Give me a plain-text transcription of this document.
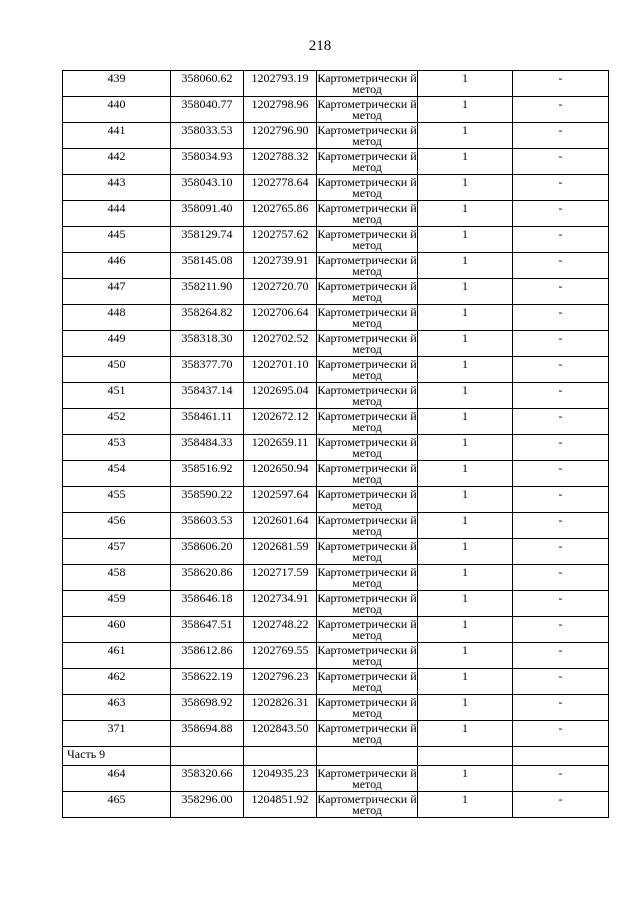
218
439	358060.62	1202793.19	Картометрически й метод	1	-
440	358040.77	1202798.96	Картометрически й метод	1	-
441	358033.53	1202796.90	Картометрически й метод	1	-
442	358034.93	1202788.32	Картометрически й метод	1	-
443	358043.10	1202778.64	Картометрически й метод	1	-
444	358091.40	1202765.86	Картометрически й метод	1	-
445	358129.74	1202757.62	Картометрически й метод	1	-
446	358145.08	1202739.91	Картометрически й метод	1	-
447	358211.90	1202720.70	Картометрически й метод	1	-
448	358264.82	1202706.64	Картометрически й метод	1	-
449	358318.30	1202702.52	Картометрически й метод	1	-
450	358377.70	1202701.10	Картометрически й метод	1	-
451	358437.14	1202695.04	Картометрически й метод	1	-
452	358461.11	1202672.12	Картометрически й метод	1	-
453	358484.33	1202659.11	Картометрически й метод	1	-
454	358516.92	1202650.94	Картометрически й метод	1	-
455	358590.22	1202597.64	Картометрически й метод	1	-
456	358603.53	1202601.64	Картометрически й метод	1	-
457	358606.20	1202681.59	Картометрически й метод	1	-
458	358620.86	1202717.59	Картометрически й метод	1	-
459	358646.18	1202734.91	Картометрически й метод	1	-
460	358647.51	1202748.22	Картометрически й метод	1	-
461	358612.86	1202769.55	Картометрически й метод	1	-
462	358622.19	1202796.23	Картометрически й метод	1	-
463	358698.92	1202826.31	Картометрически й метод	1	-
371	358694.88	1202843.50	Картометрически й метод	1	-
Часть 9					
464	358320.66	1204935.23	Картометрически й метод	1	-
465	358296.00	1204851.92	Картометрически й метод	1	-
